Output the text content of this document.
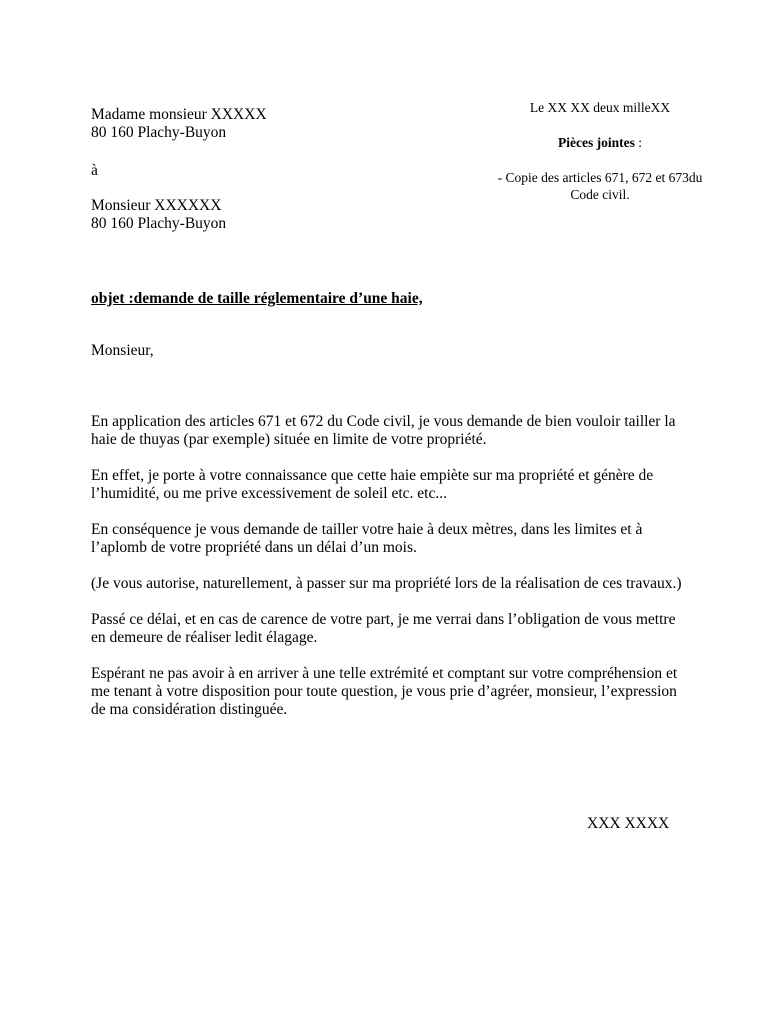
Madame monsieur XXXXX
80 160 Plachy-Buyon
à
Monsieur XXXXXX
80 160 Plachy-Buyon
Le XX XX deux milleXX
Pièces jointes :
- Copie des articles 671, 672 et 673du
Code civil.
objet :demande de taille réglementaire d’une haie,
Monsieur,

En application des articles 671 et 672 du Code civil, je vous demande de bien vouloir tailler la haie de thuyas (par exemple) située en limite de votre propriété.

En effet, je porte à votre connaissance que cette haie empiète sur ma propriété et génère de l’humidité, ou me prive excessivement de soleil etc. etc...

En conséquence je vous demande de tailler votre haie à deux mètres, dans les limites et à l’aplomb de votre propriété dans un délai d’un mois.

(Je vous autorise, naturellement, à passer sur ma propriété lors de la réalisation de ces travaux.)

Passé ce délai, et en cas de carence de votre part, je me verrai dans l’obligation de vous mettre en demeure de réaliser ledit élagage.

Espérant ne pas avoir à en arriver à une telle extrémité et comptant sur votre compréhension et me tenant à votre disposition pour toute question, je vous prie d’agréer, monsieur, l’expression de ma considération distinguée.

XXX XXXX
